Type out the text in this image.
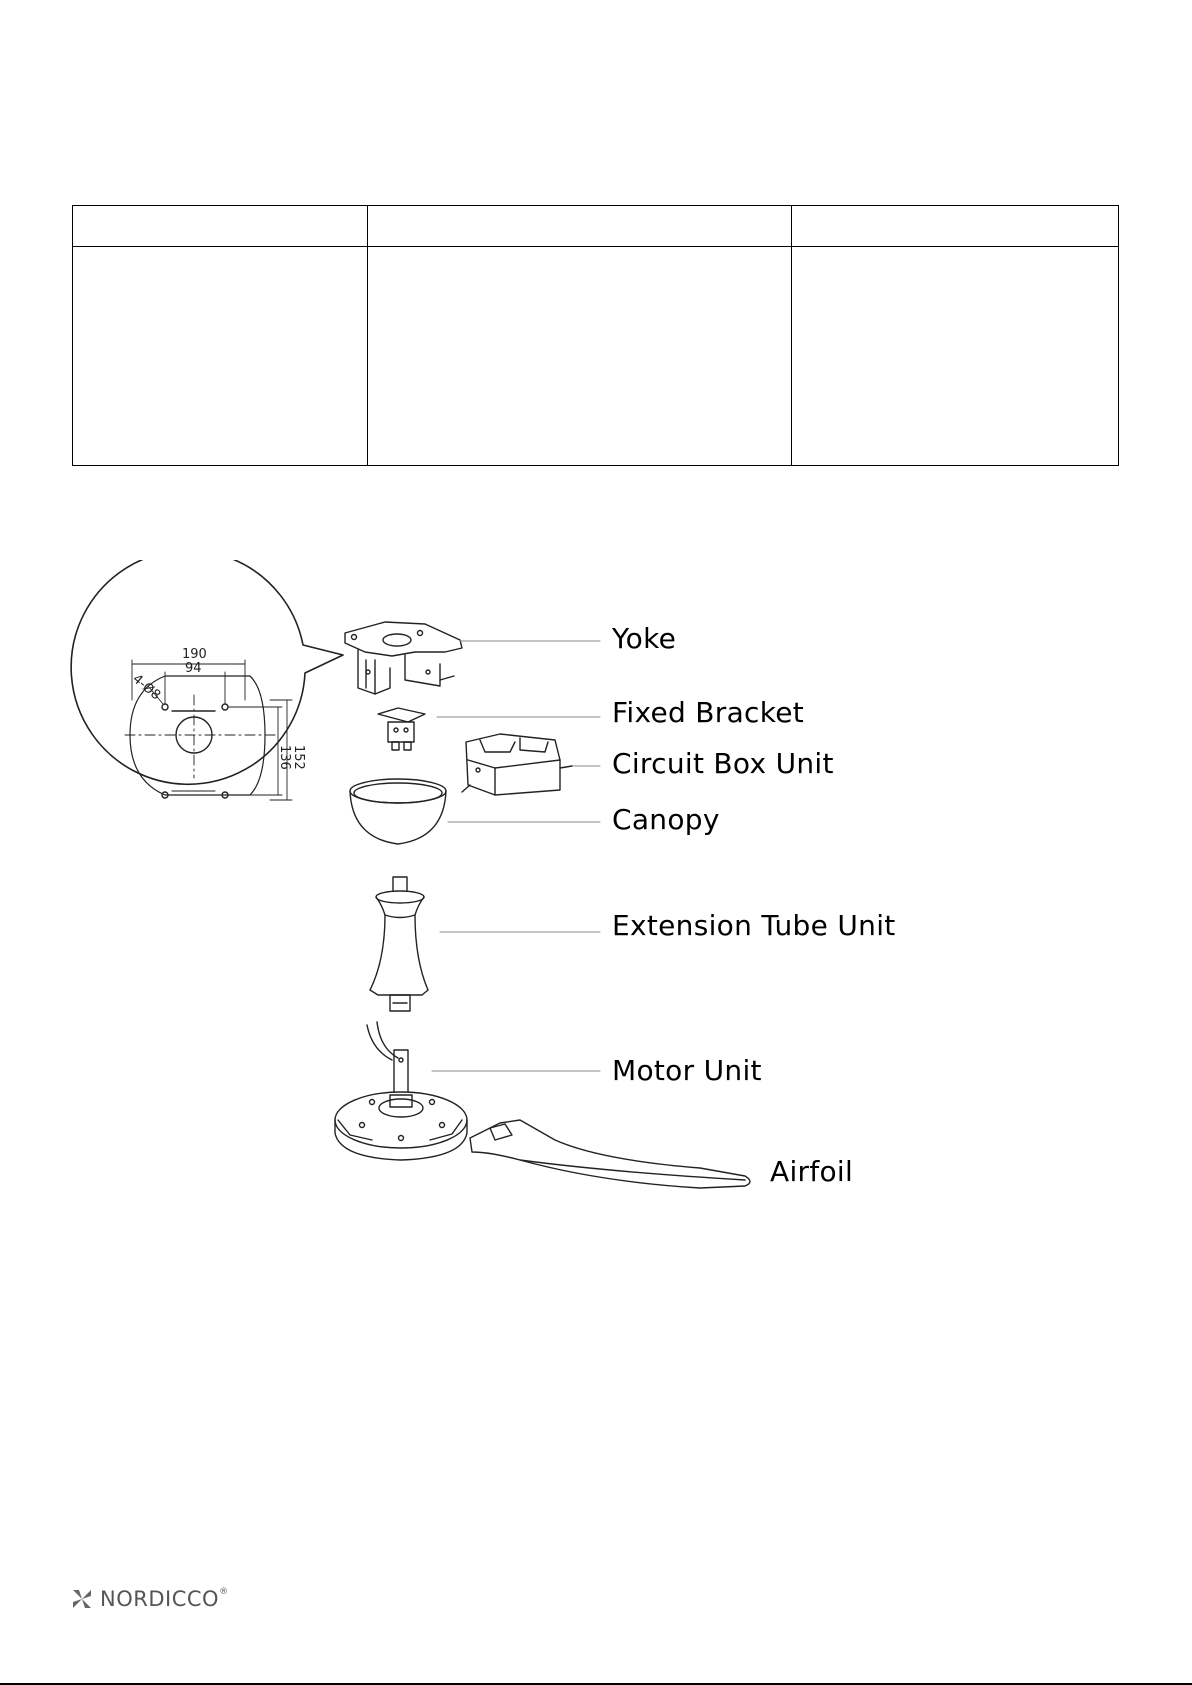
190
94
4-Ø8
152
136
Yoke
Fixed Bracket
Circuit Box Unit
Canopy
Extension Tube Unit
Motor Unit
Airfoil
NORDICCO®
